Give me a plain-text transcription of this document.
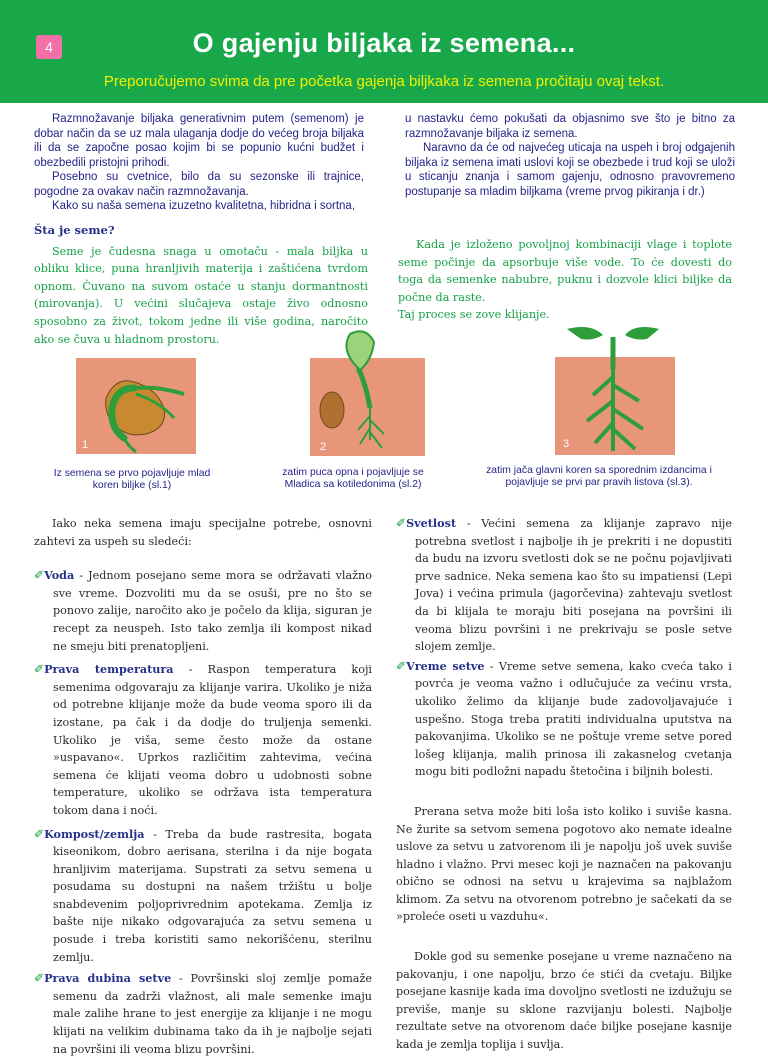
4	O gajenju biljaka iz semena...
Preporučujemo svima da pre početka gajenja biljkaka iz semena pročitaju ovaj tekst.

Razmnožavanje biljaka generativnim putem (semenom) je dobar način da se uz mala ulaganja dodje do većeg broja biljaka ili da se započne posao kojim bi se popunio kućni budžet i obezbedili pristojni prihodi.

Posebno su cvetnice, bilo da su sezonske ili trajnice, pogodne za ovakav način razmnožavanja.

Kako su naša semena izuzetno kvalitetna, hibridna i sortna,

u nastavku ćemo pokušati da objasnimo sve što je bitno za razmnožavanje biljaka iz semena.

Naravno da će od najvećeg uticaja na uspeh i broj odgajenih biljaka iz semena imati uslovi koji se obezbede i trud koji se uloži u sticanju znanja i samom gajenju, odnosno pravovremeno postupanje sa mladim biljkama (vreme prvog pikiranja i dr.)

Šta je seme?

Seme je čudesna snaga u omotaču - mala biljka u obliku klice, puna hranljivih materija i zaštićena tvrdom opnom. Čuvano na suvom ostaće u stanju dormantnosti (mirovanja). U većini slučajeva ostaje živo odnosno sposobno za život, tokom jedne ili više godina, naročito ako se čuva u hladnom prostoru.

Kada je izloženo povoljnoj kombinaciji vlage i toplote seme počinje da apsorbuje više vode. To će dovesti do toga da semenke nabubre, puknu i dozvole klici biljke da počne da raste.

Taj proces se zove klijanje.

1	2	3
Iz semena se prvo pojavljuje mlad koren biljke (sl.1)
zatim puca opna i pojavljuje se Mladica sa kotiledonima (sl.2)
zatim jača glavni koren sa sporednim izdancima i pojavljuje se prvi par pravih listova (sl.3).

Iako neka semena imaju specijalne potrebe, osnovni zahtevi za uspeh su sledeći:

✐Voda - Jednom posejano seme mora se održavati vlažno sve vreme. Dozvoliti mu da se osuši, pre no što se ponovo zalije, naročito ako je počelo da klija, siguran je recept za neuspeh. Isto tako zemlja ili kompost nikad ne smeju biti prenatopljeni.

✐Prava temperatura - Raspon temperatura koji semenima odgovaraju za klijanje varira. Ukoliko je niža od potrebne klijanje može da bude veoma sporo ili da izostane, pa čak i da dodje do truljenja semenki. Ukoliko je viša, seme često može da ostane »uspavano«. Uprkos različitim zahtevima, većina semena će klijati veoma dobro u udobnosti sobne temperature, ukoliko se održava ista temperatura tokom dana i noći.

✐Kompost/zemlja - Treba da bude rastresita, bogata kiseonikom, dobro aerisana, sterilna i da nije bogata hranljivim materijama. Supstrati za setvu semena u posudama su dostupni na našem tržištu u bolje snabdevenim poljoprivrednim apotekama. Zemlja iz bašte nije nikako odgovarajuća za setvu semena u posude i treba koristiti samo nekorišćenu, sterilnu zemlju.

✐Prava dubina setve - Površinski sloj zemlje pomaže semenu da zadrži vlažnost, ali male semenke imaju male zalihe hrane to jest energije za klijanje i ne mogu klijati na velikim dubinama tako da ih je najbolje sejati na površini ili veoma blizu površini.

✐Svetlost - Većini semena za klijanje zapravo nije potrebna svetlost i najbolje ih je prekriti i ne dopustiti da budu na izvoru svetlosti dok se ne počnu pojavljivati prve sadnice. Neka semena kao što su impatiensi (Lepi Jova) i većina primula (jagorčevina) zahtevaju svetlost da bi klijala te moraju biti posejana na površini ili veoma blizu površini i ne prekrivaju se posle setve slojem zemlje.

✐Vreme setve - Vreme setve semena, kako cveća tako i povrća je veoma važno i odlučujuće za većinu vrsta, ukoliko želimo da klijanje bude zadovoljavajuće i uspešno. Stoga treba pratiti individualna uputstva na pakovanjima. Ukoliko se ne poštuje vreme setve pored lošeg klijanja, malih prinosa ili zakasnelog cvetanja mogu biti podložni napadu štetočina i biljnih bolesti.

Prerana setva može biti loša isto koliko i suviše kasna. Ne žurite sa setvom semena pogotovo ako nemate idealne uslove za setvu u zatvorenom ili je napolju još uvek suviše hladno i vlažno. Prvi mesec koji je naznačen na pakovanju obično se odnosi na setvu u krajevima sa najblažom klimom. Za setvu na otvorenom potrebno je sačekati da se »proleće oseti u vazduhu«.

Dokle god su semenke posejane u vreme naznačeno na pakovanju, i one napolju, brzo će stići da cvetaju. Biljke posejane kasnije kada ima dovoljno svetlosti ne izdužuju se previše, manje su sklone razvijanju bolesti. Najbolje rezultate setve na otvorenom daće biljke posejane kasnije kada je zemlja toplija i suvlja.
